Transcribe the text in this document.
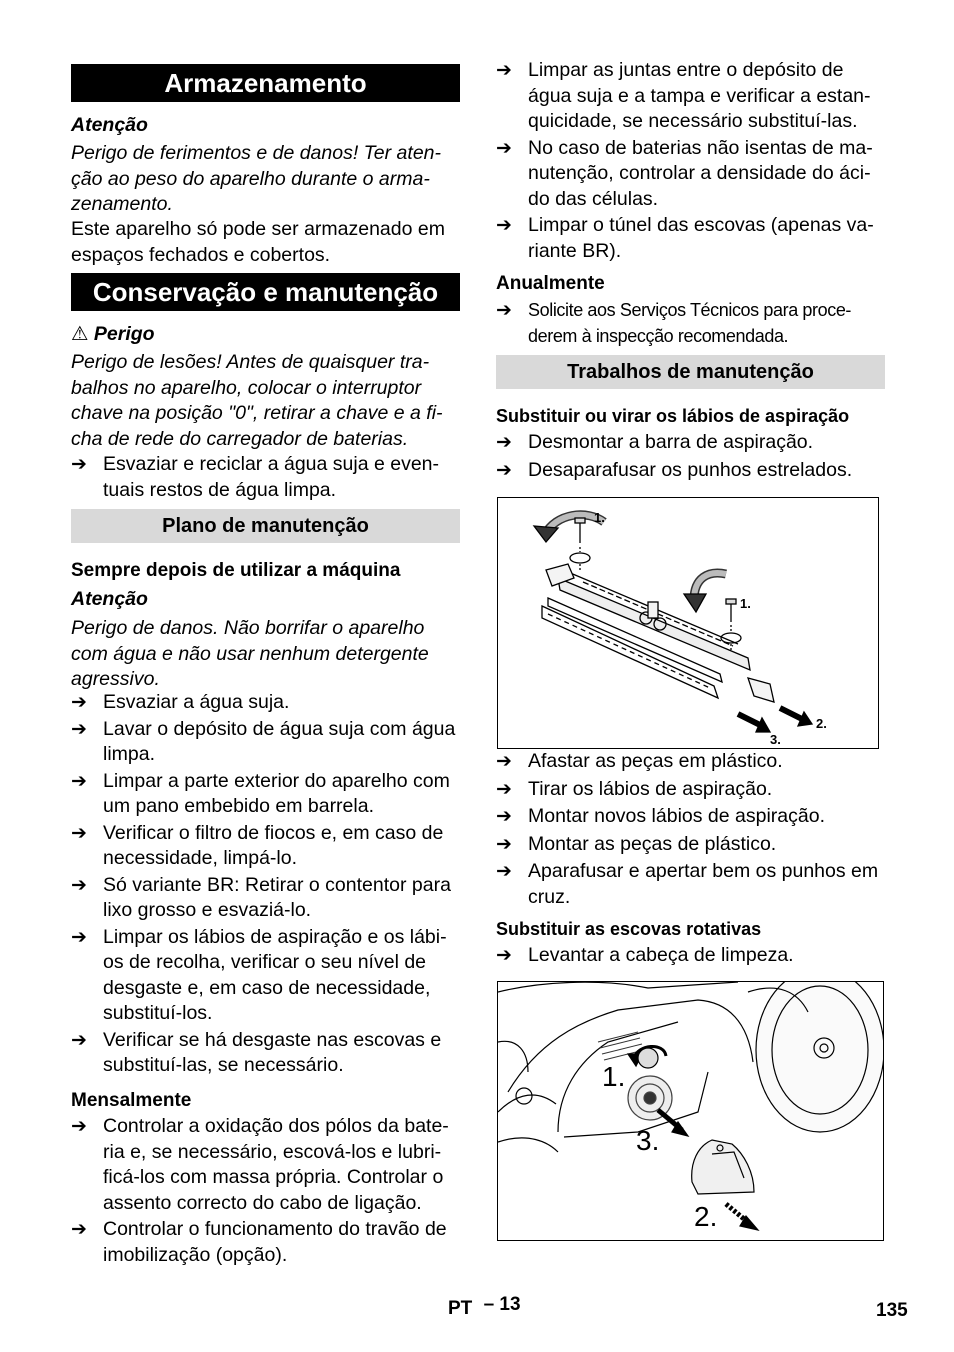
Armazenamento
Atenção
Perigo de ferimentos e de danos! Ter aten-ção ao peso do aparelho durante o arma-zenamento.
Este aparelho só pode ser armazenado em espaços fechados e cobertos.
Conservação e manutenção
⚠ Perigo
Perigo de lesões! Antes de quaisquer tra-balhos no aparelho, colocar o interruptor chave na posição "0", retirar a chave e a fi-cha de rede do carregador de baterias.
➔ Esvaziar e reciclar a água suja e even-tuais restos de água limpa.
Plano de manutenção
Sempre depois de utilizar a máquina
Atenção
Perigo de danos. Não borrifar o aparelho com água e não usar nenhum detergente agressivo.
➔ Esvaziar a água suja.
➔ Lavar o depósito de água suja com água limpa.
➔ Limpar a parte exterior do aparelho com um pano embebido em barrela.
➔ Verificar o filtro de fiocos e, em caso de necessidade, limpá-lo.
➔ Só variante BR: Retirar o contentor para lixo grosso e esvaziá-lo.
➔ Limpar os lábios de aspiração e os lábi-os de recolha, verificar o seu nível de desgaste e, em caso de necessidade, substituí-los.
➔ Verificar se há desgaste nas escovas e substituí-las, se necessário.
Mensalmente
➔ Controlar a oxidação dos pólos da bate-ria e, se necessário, escová-los e lubri-ficá-los com massa própria. Controlar o assento correcto do cabo de ligação.
➔ Controlar o funcionamento do travão de imobilização (opção).
➔ Limpar as juntas entre o depósito de água suja e a tampa e verificar a estan-quicidade, se necessário substituí-las.
➔ No caso de baterias não isentas de ma-nutenção, controlar a densidade do áci-do das células.
➔ Limpar o túnel das escovas (apenas va-riante BR).
Anualmente
➔ Solicite aos Serviços Técnicos para proce-derem à inspecção recomendada.
Trabalhos de manutenção
Substituir ou virar os lábios de aspiração
➔ Desmontar a barra de aspiração.
➔ Desaparafusar os punhos estrelados.
1.
1.
2.
3.
➔ Afastar as peças em plástico.
➔ Tirar os lábios de aspiração.
➔ Montar novos lábios de aspiração.
➔ Montar as peças de plástico.
➔ Aparafusar e apertar bem os punhos em cruz.
Substituir as escovas rotativas
➔ Levantar a cabeça de limpeza.
1.
3.
2.
PT – 13	135
